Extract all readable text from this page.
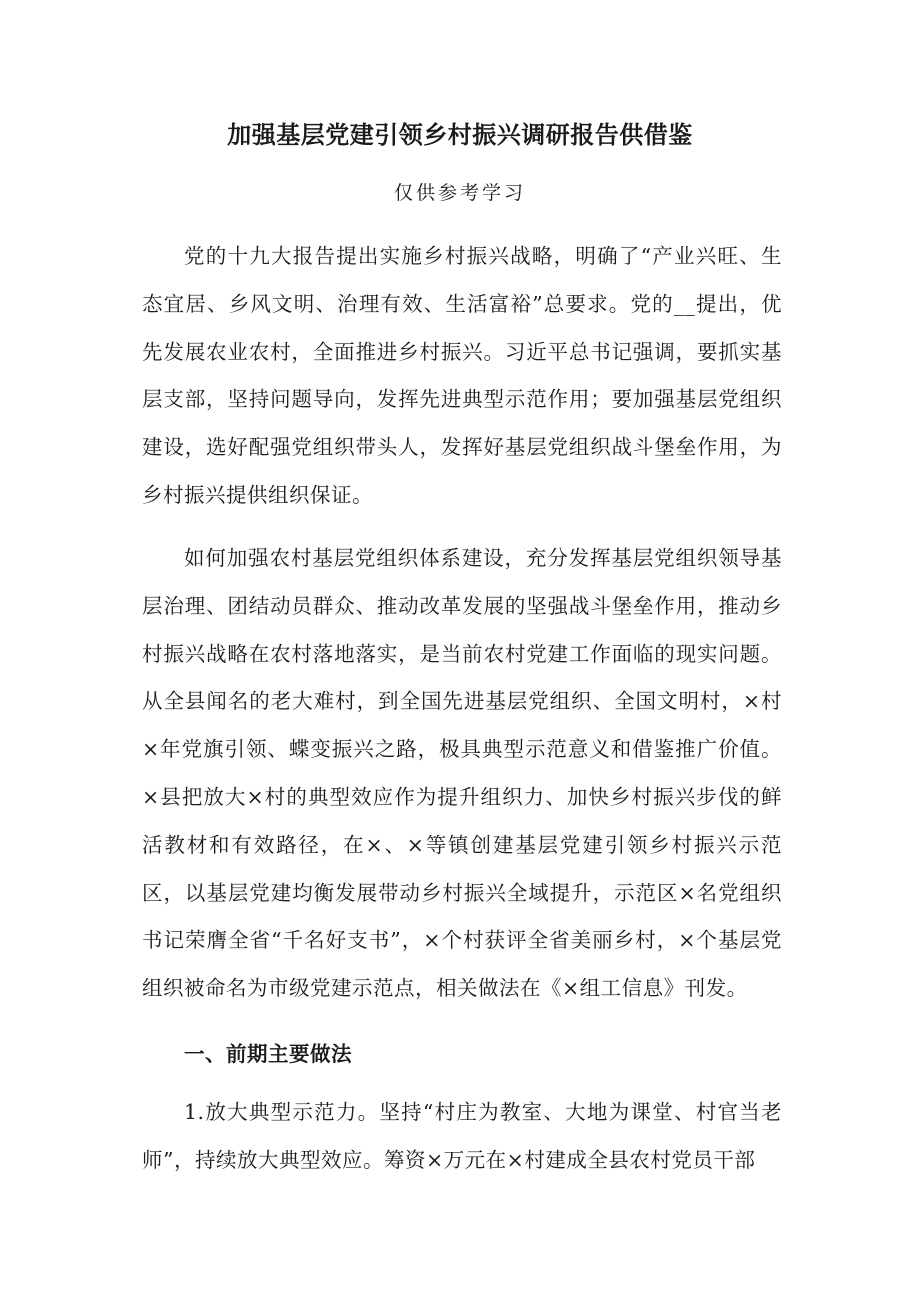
加强基层党建引领乡村振兴调研报告供借鉴
仅供参考学习

党的十九大报告提出实施乡村振兴战略，明确了“产业兴旺、生态宜居、乡风文明、治理有效、生活富裕”总要求。党的__提出，优先发展农业农村，全面推进乡村振兴。习近平总书记强调，要抓实基层支部，坚持问题导向，发挥先进典型示范作用；要加强基层党组织建设，选好配强党组织带头人，发挥好基层党组织战斗堡垒作用，为乡村振兴提供组织保证。

如何加强农村基层党组织体系建设，充分发挥基层党组织领导基层治理、团结动员群众、推动改革发展的坚强战斗堡垒作用，推动乡村振兴战略在农村落地落实，是当前农村党建工作面临的现实问题。从全县闻名的老大难村，到全国先进基层党组织、全国文明村，×村×年党旗引领、蝶变振兴之路，极具典型示范意义和借鉴推广价值。×县把放大×村的典型效应作为提升组织力、加快乡村振兴步伐的鲜活教材和有效路径，在×、×等镇创建基层党建引领乡村振兴示范区，以基层党建均衡发展带动乡村振兴全域提升，示范区×名党组织书记荣膺全省“千名好支书”，×个村获评全省美丽乡村，×个基层党组织被命名为市级党建示范点，相关做法在《×组工信息》刊发。

一、前期主要做法

1.放大典型示范力。坚持“村庄为教室、大地为课堂、村官当老师”，持续放大典型效应。筹资×万元在×村建成全县农村党员干部
